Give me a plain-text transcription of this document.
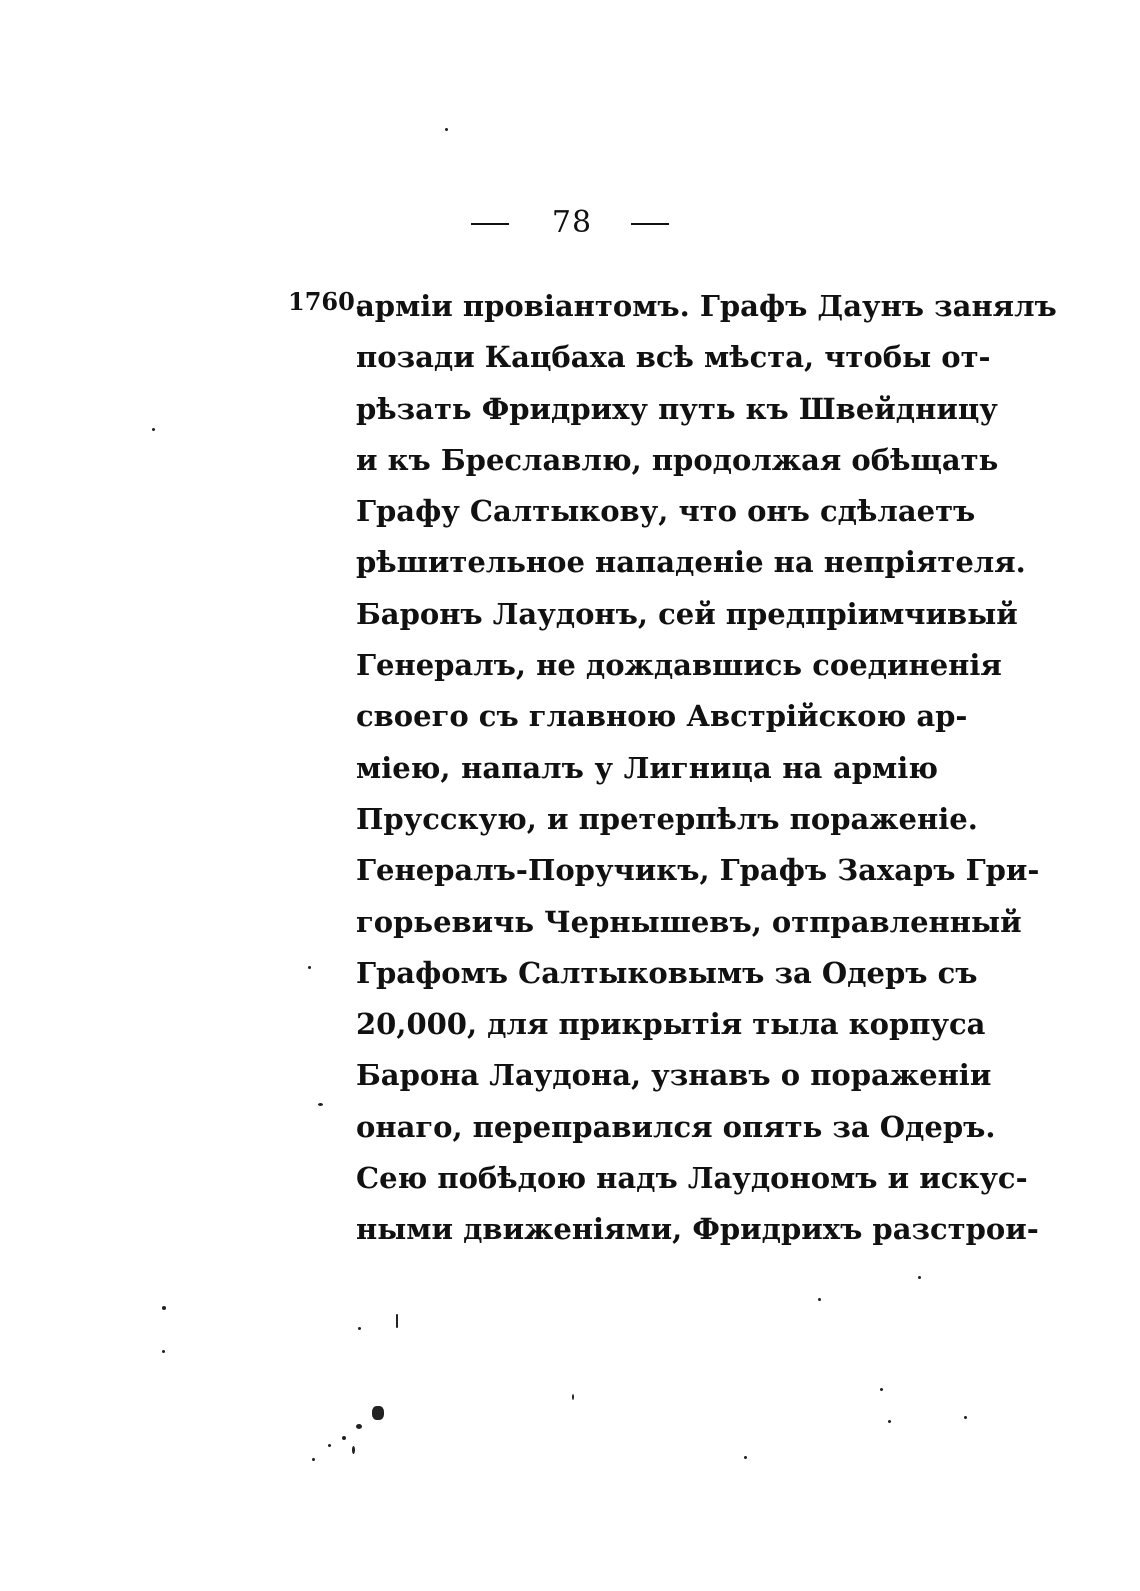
78
1760.
арміи провіантомъ. Графъ Даунъ занялъ
позади Кацбаха всѣ мѣста, чтобы от-
рѣзать Фридриху путь къ Швейдницу
и къ Бреславлю, продолжая обѣщать
Графу Салтыкову, что онъ сдѣлаетъ
рѣшительное нападеніе на непріятеля.
Баронъ Лаудонъ, сей предпріимчивый
Генералъ, не дождавшись соединенія
своего съ главною Австрійскою ар-
міею, напалъ у Лигница на армію
Прусскую, и претерпѣлъ пораженіе.
Генералъ-Поручикъ, Графъ Захаръ Гри-
горьевичь Чернышевъ, отправленный
Графомъ Салтыковымъ за Одеръ съ
20,000, для прикрытія тыла корпуса
Барона Лаудона, узнавъ о пораженіи
онаго, переправился опять за Одеръ.
Сею побѣдою надъ Лаудономъ и искус-
ными движеніями, Фридрихъ разстрои-
